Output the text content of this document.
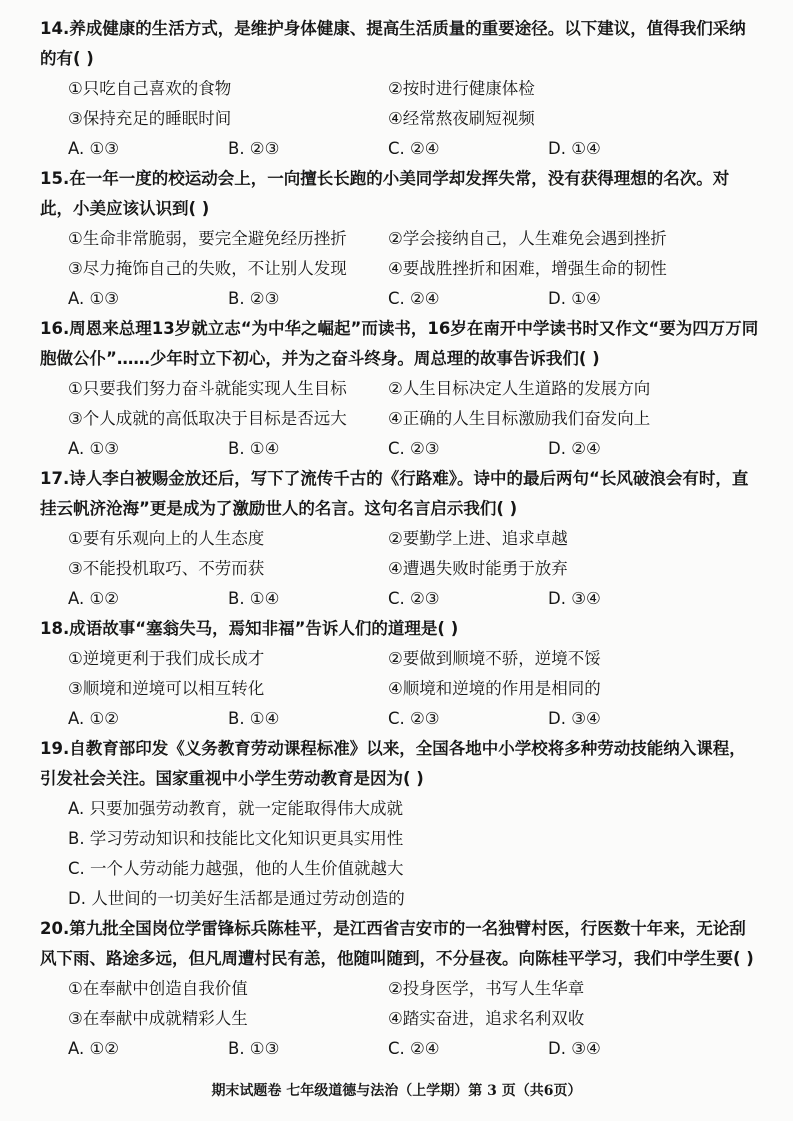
14.养成健康的生活方式，是维护身体健康、提高生活质量的重要途径。以下建议，值得我们采纳的有( )

①只吃自己喜欢的食物	②按时进行健康体检
③保持充足的睡眠时间	④经常熬夜刷短视频
A. ①③	B. ②③	C. ②④	D. ①④

15.在一年一度的校运动会上，一向擅长长跑的小美同学却发挥失常，没有获得理想的名次。对此，小美应该认识到( )

①生命非常脆弱，要完全避免经历挫折	②学会接纳自己，人生难免会遇到挫折
③尽力掩饰自己的失败，不让别人发现	④要战胜挫折和困难，增强生命的韧性
A. ①③	B. ②③	C. ②④	D. ①④

16.周恩来总理13岁就立志“为中华之崛起”而读书，16岁在南开中学读书时又作文“要为四万万同胞做公仆”……少年时立下初心，并为之奋斗终身。周总理的故事告诉我们( )

①只要我们努力奋斗就能实现人生目标	②人生目标决定人生道路的发展方向
③个人成就的高低取决于目标是否远大	④正确的人生目标激励我们奋发向上
A. ①③	B. ①④	C. ②③	D. ②④

17.诗人李白被赐金放还后，写下了流传千古的《行路难》。诗中的最后两句“长风破浪会有时，直挂云帆济沧海”更是成为了激励世人的名言。这句名言启示我们( )

①要有乐观向上的人生态度	②要勤学上进、追求卓越
③不能投机取巧、不劳而获	④遭遇失败时能勇于放弃
A. ①②	B. ①④	C. ②③	D. ③④

18.成语故事“塞翁失马，焉知非福”告诉人们的道理是( )

①逆境更利于我们成长成才	②要做到顺境不骄，逆境不馁
③顺境和逆境可以相互转化	④顺境和逆境的作用是相同的
A. ①②	B. ①④	C. ②③	D. ③④

19.自教育部印发《义务教育劳动课程标准》以来，全国各地中小学校将多种劳动技能纳入课程，引发社会关注。国家重视中小学生劳动教育是因为( )

A. 只要加强劳动教育，就一定能取得伟大成就
B. 学习劳动知识和技能比文化知识更具实用性
C. 一个人劳动能力越强，他的人生价值就越大
D. 人世间的一切美好生活都是通过劳动创造的

20.第九批全国岗位学雷锋标兵陈桂平，是江西省吉安市的一名独臂村医，行医数十年来，无论刮风下雨、路途多远，但凡周遭村民有恙，他随叫随到，不分昼夜。向陈桂平学习，我们中学生要( )

①在奉献中创造自我价值	②投身医学，书写人生华章
③在奉献中成就精彩人生	④踏实奋进，追求名利双收
A. ①②	B. ①③	C. ②④	D. ③④
期末试题卷 七年级道德与法治（上学期）第 3 页（共6页）
